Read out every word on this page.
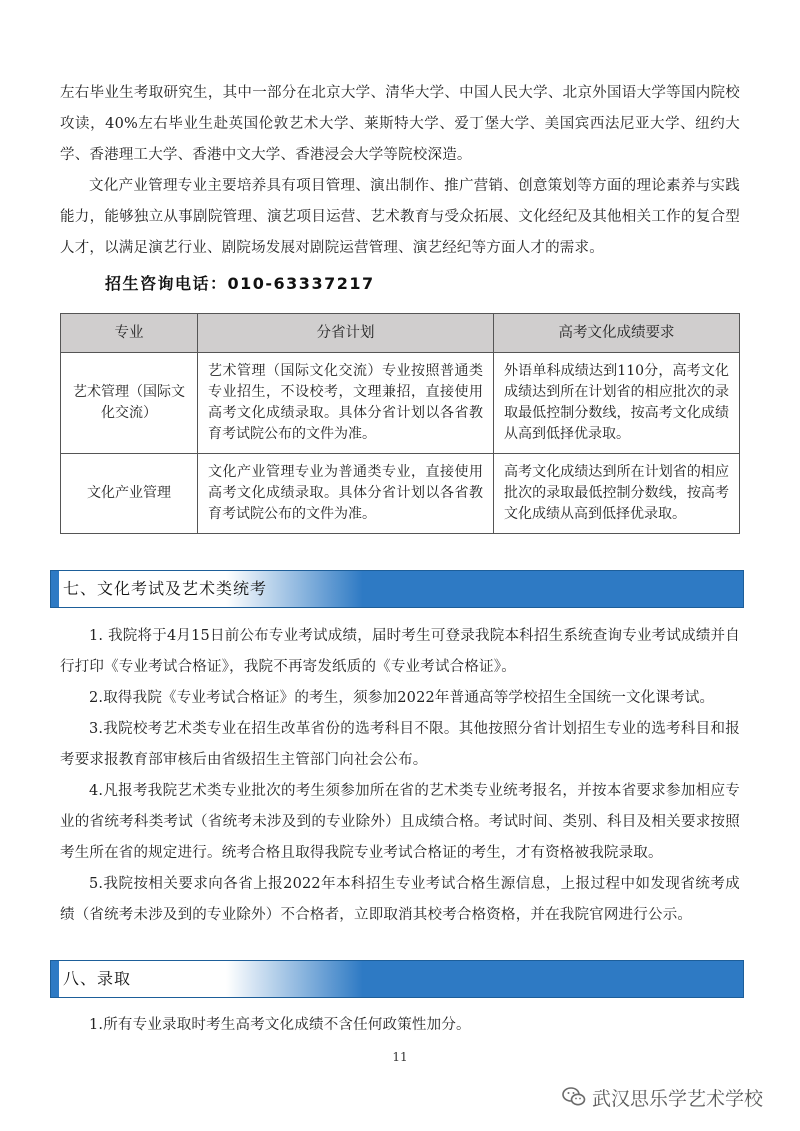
左右毕业生考取研究生，其中一部分在北京大学、清华大学、中国人民大学、北京外国语大学等国内院校攻读，40%左右毕业生赴英国伦敦艺术大学、莱斯特大学、爱丁堡大学、美国宾西法尼亚大学、纽约大学、香港理工大学、香港中文大学、香港浸会大学等院校深造。

文化产业管理专业主要培养具有项目管理、演出制作、推广营销、创意策划等方面的理论素养与实践能力，能够独立从事剧院管理、演艺项目运营、艺术教育与受众拓展、文化经纪及其他相关工作的复合型人才，以满足演艺行业、剧院场发展对剧院运营管理、演艺经纪等方面人才的需求。

招生咨询电话：010-63337217
专业	分省计划	高考文化成绩要求
艺术管理（国际文化交流）	艺术管理（国际文化交流）专业按照普通类专业招生，不设校考，文理兼招，直接使用高考文化成绩录取。具体分省计划以各省教育考试院公布的文件为准。	外语单科成绩达到110分，高考文化成绩达到所在计划省的相应批次的录取最低控制分数线，按高考文化成绩从高到低择优录取。
文化产业管理	文化产业管理专业为普通类专业，直接使用高考文化成绩录取。具体分省计划以各省教育考试院公布的文件为准。	高考文化成绩达到所在计划省的相应批次的录取最低控制分数线，按高考文化成绩从高到低择优录取。
七、文化考试及艺术类统考

1. 我院将于4月15日前公布专业考试成绩，届时考生可登录我院本科招生系统查询专业考试成绩并自行打印《专业考试合格证》，我院不再寄发纸质的《专业考试合格证》。

2.取得我院《专业考试合格证》的考生，须参加2022年普通高等学校招生全国统一文化课考试。

3.我院校考艺术类专业在招生改革省份的选考科目不限。其他按照分省计划招生专业的选考科目和报考要求报教育部审核后由省级招生主管部门向社会公布。

4.凡报考我院艺术类专业批次的考生须参加所在省的艺术类专业统考报名，并按本省要求参加相应专业的省统考科类考试（省统考未涉及到的专业除外）且成绩合格。考试时间、类别、科目及相关要求按照考生所在省的规定进行。统考合格且取得我院专业考试合格证的考生，才有资格被我院录取。

5.我院按相关要求向各省上报2022年本科招生专业考试合格生源信息，上报过程中如发现省统考成绩（省统考未涉及到的专业除外）不合格者，立即取消其校考合格资格，并在我院官网进行公示。

八、录取

1.所有专业录取时考生高考文化成绩不含任何政策性加分。

11
武汉思乐学艺术学校
